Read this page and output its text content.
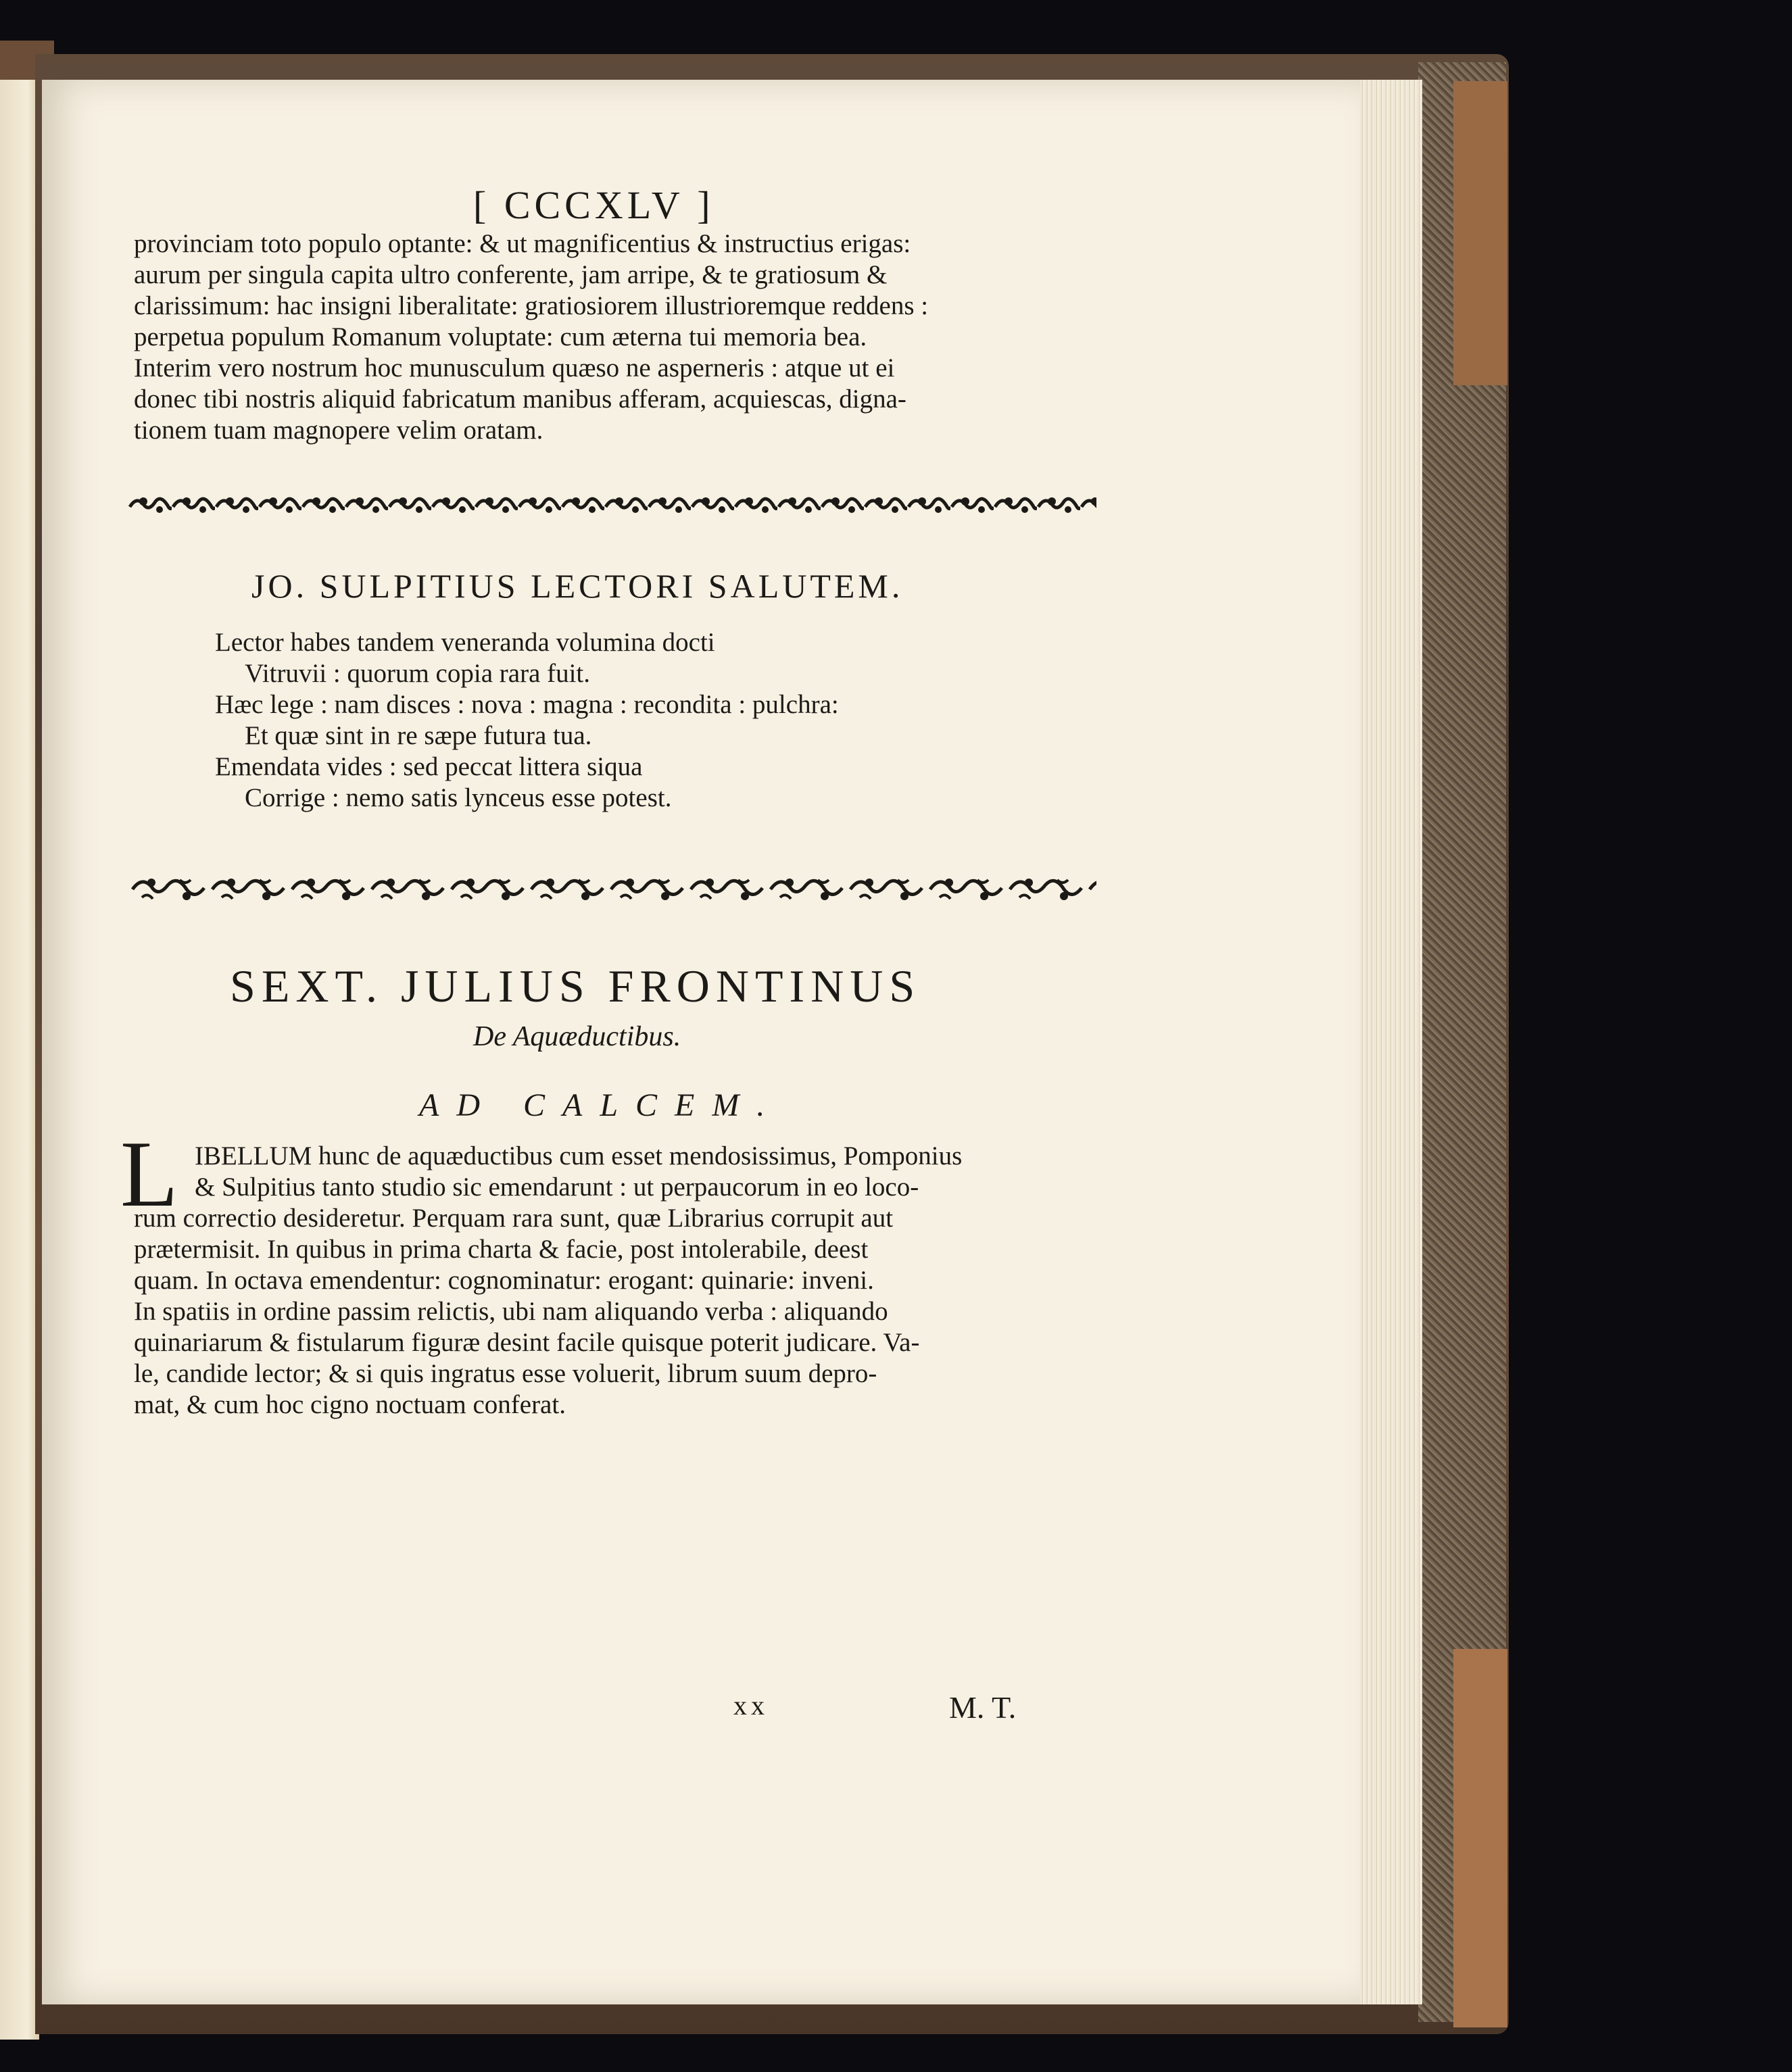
[ CCCXLV ]
provinciam toto populo optante: & ut magnificentius & instructius erigas:
aurum per singula capita ultro conferente, jam arripe, & te gratiosum &
clarissimum: hac insigni liberalitate: gratiosiorem illustrioremque reddens :
perpetua populum Romanum voluptate: cum æterna tui memoria bea.
Interim vero nostrum hoc munusculum quæso ne asperneris : atque ut ei
donec tibi nostris aliquid fabricatum manibus afferam, acquiescas, digna-
tionem tuam magnopere velim oratam.
JO. SULPITIUS LECTORI SALUTEM.
Lector habes tandem veneranda volumina docti
Vitruvii : quorum copia rara fuit.
Hæc lege : nam disces : nova : magna : recondita : pulchra:
Et quæ sint in re sæpe futura tua.
Emendata vides : sed peccat littera siqua
Corrige : nemo satis lynceus esse potest.
SEXT. JULIUS FRONTINUS
De Aquæductibus.
AD CALCEM.
L IBELLUM hunc de aquæductibus cum esset mendosissimus, Pomponius
& Sulpitius tanto studio sic emendarunt : ut perpaucorum in eo loco-
rum correctio desideretur. Perquam rara sunt, quæ Librarius corrupit aut
prætermisit. In quibus in prima charta & facie, post intolerabile, deest
quam. In octava emendentur: cognominatur: erogant: quinarie: inveni.
In spatiis in ordine passim relictis, ubi nam aliquando verba : aliquando
quinariarum & fistularum figuræ desint facile quisque poterit judicare. Va-
le, candide lector; & si quis ingratus esse voluerit, librum suum depro-
mat, & cum hoc cigno noctuam conferat.
xx	M. T.
